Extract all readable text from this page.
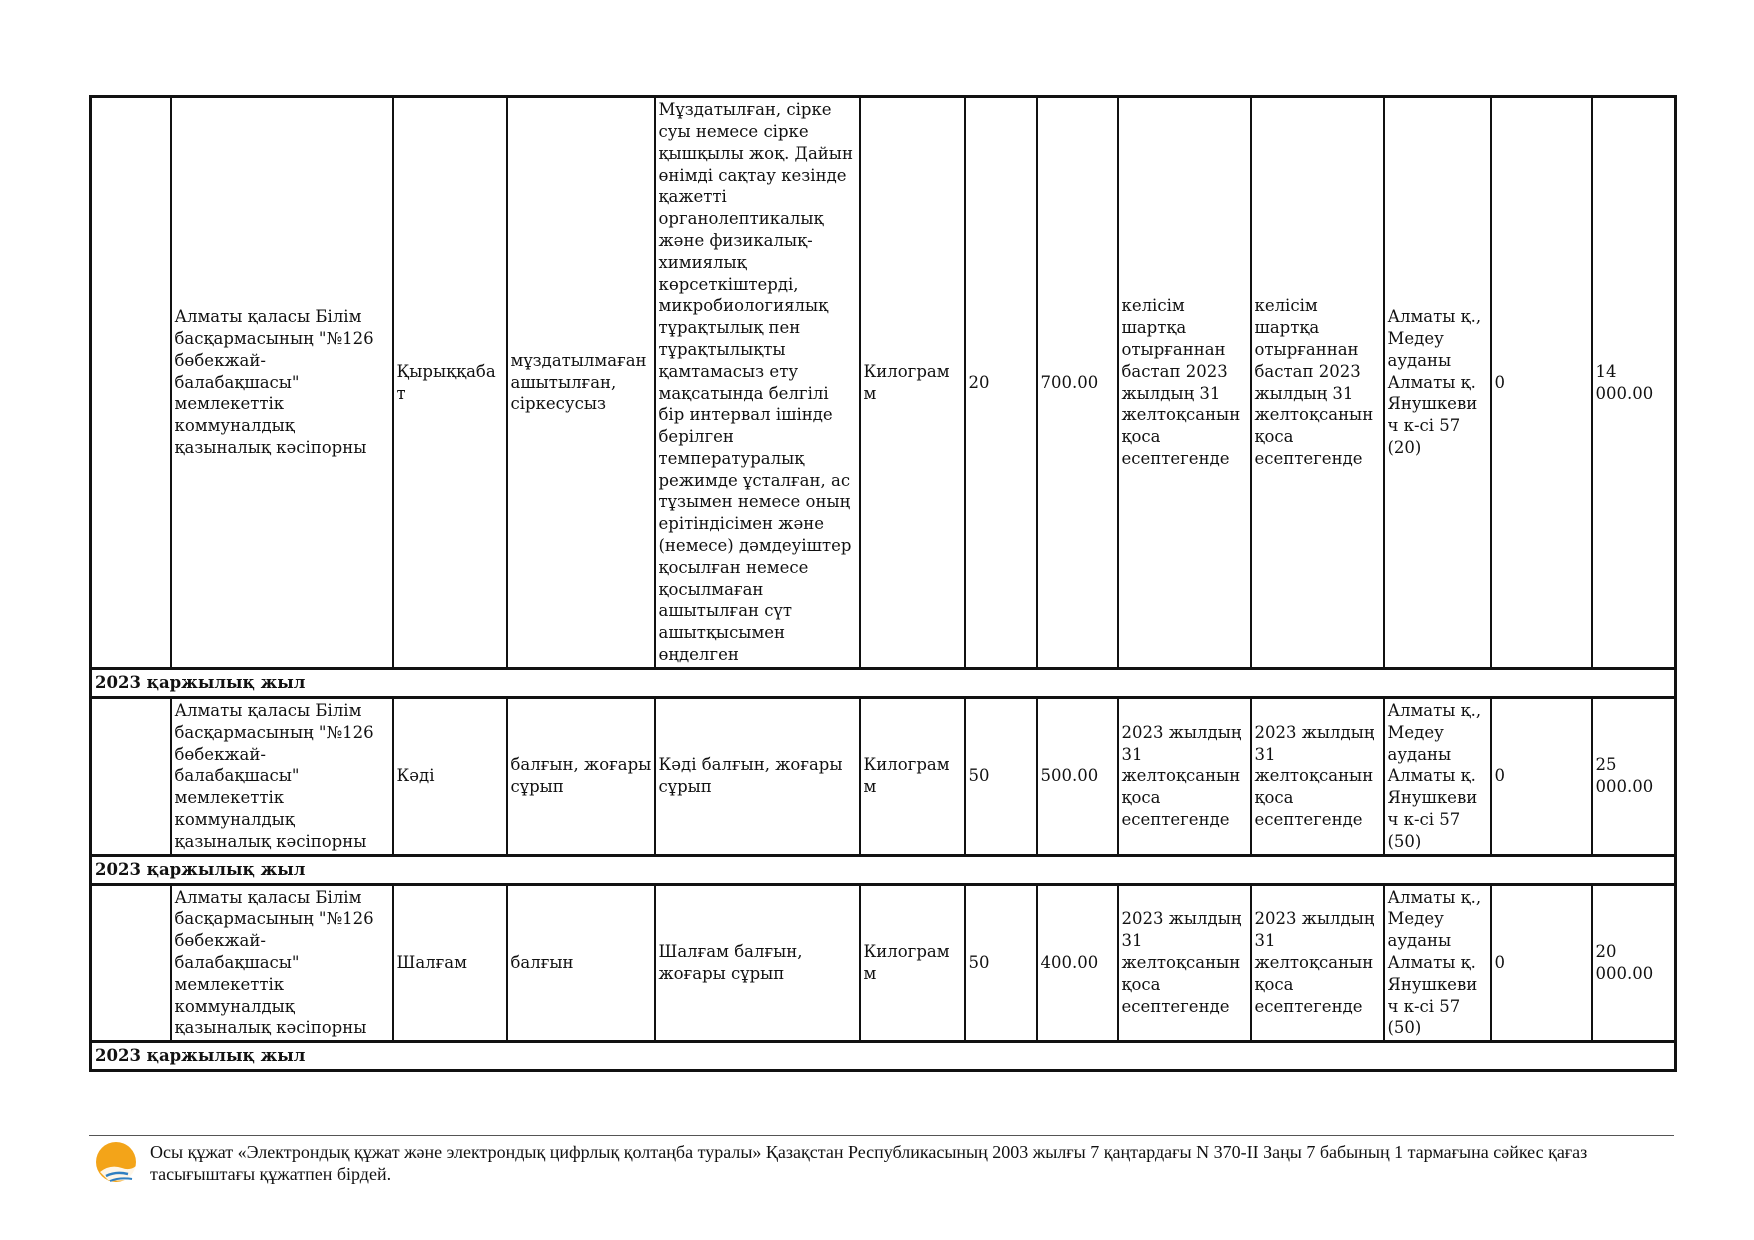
	Алматы қаласы Білім басқармасының "№126 бөбекжай-балабақшасы" мемлекеттік коммуналдық қазыналық кәсіпорны	Қырыққабат	мұздатылмаған ашытылған, сіркесусыз	Мұздатылған, сірке суы немесе сірке қышқылы жоқ. Дайын өнімді сақтау кезінде қажетті органолептикалық және физикалық-химиялық көрсеткіштерді, микробиологиялық тұрақтылық пен тұрақтылықты қамтамасыз ету мақсатында белгілі бір интервал ішінде берілген температуралық режимде ұсталған, ас тұзымен немесе оның ерітіндісімен және (немесе) дәмдеуіштер қосылған немесе қосылмаған ашытылған сүт ашытқысымен өңделген	Килограмм	20	700.00	келісім шартқа отырғаннан бастап 2023 жылдың 31 желтоқсанын қоса есептегенде	келісім шартқа отырғаннан бастап 2023 жылдың 31 желтоқсанын қоса есептегенде	Алматы қ., Медеу ауданы Алматы қ. Янушкевич к-сі 57 (20)	0	14 000.00
2023 қаржылық жыл												
	Алматы қаласы Білім басқармасының "№126 бөбекжай-балабақшасы" мемлекеттік коммуналдық қазыналық кәсіпорны	Кәді	балғын, жоғары сұрып	Кәді балғын, жоғары сұрып	Килограмм	50	500.00	2023 жылдың 31 желтоқсанын қоса есептегенде	2023 жылдың 31 желтоқсанын қоса есептегенде	Алматы қ., Медеу ауданы Алматы қ. Янушкевич к-сі 57 (50)	0	25 000.00
2023 қаржылық жыл												
	Алматы қаласы Білім басқармасының "№126 бөбекжай-балабақшасы" мемлекеттік коммуналдық қазыналық кәсіпорны	Шалғам	балғын	Шалғам балғын, жоғары сұрып	Килограмм	50	400.00	2023 жылдың 31 желтоқсанын қоса есептегенде	2023 жылдың 31 желтоқсанын қоса есептегенде	Алматы қ., Медеу ауданы Алматы қ. Янушкевич к-сі 57 (50)	0	20 000.00
2023 қаржылық жыл												
Осы құжат «Электрондық құжат және электрондық цифрлық қолтаңба туралы» Қазақстан Республикасының 2003 жылғы 7 қаңтардағы N 370-II Заңы 7 бабының 1 тармағына сәйкес қағаз тасығыштағы құжатпен бірдей.
